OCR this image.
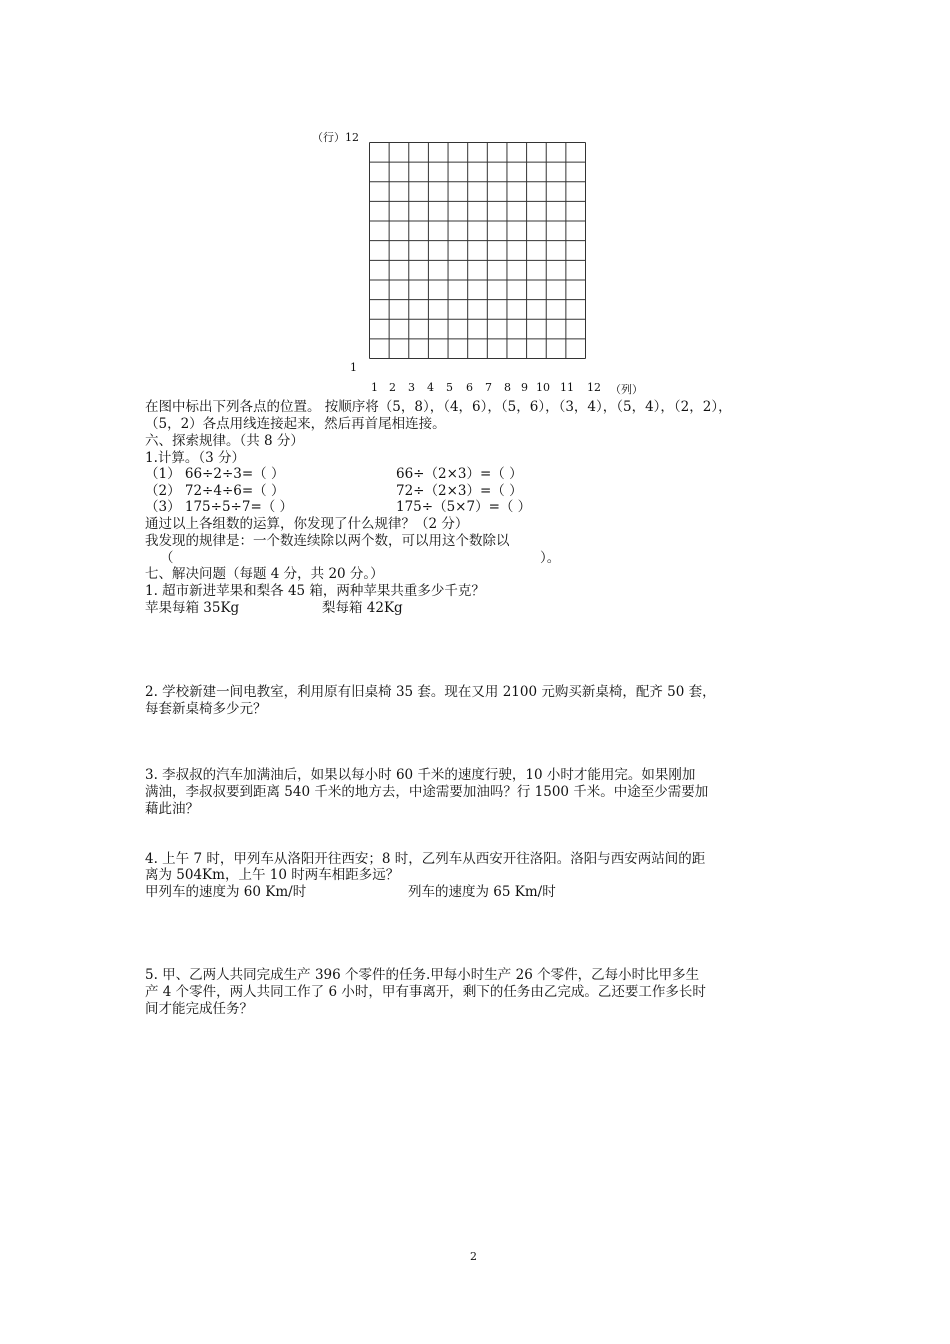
（行）12
1
1 2 3 4 5 6 7 8 9 10 11 12 （列）
在图中标出下列各点的位置。 按顺序将（5，8），（4，6），（5，6），（3，4），（5，4），（2，2），
（5，2）各点用线连接起来，然后再首尾相连接。
六、探索规律。（共 8 分）
1.计算。（3 分）
（1） 66÷2÷3=（ ）	66÷（2×3）=（ ）
（2） 72÷4÷6=（ ）	72÷（2×3）=（ ）
（3） 175÷5÷7=（ ）	175÷（5×7）=（ ）
通过以上各组数的运算，你发现了什么规律？（2 分）
我发现的规律是：一个数连续除以两个数，可以用这个数除以
（	）。
七、解决问题（每题 4 分，共 20 分。）
1. 超市新进苹果和梨各 45 箱，两种苹果共重多少千克？
苹果每箱 35Kg	梨每箱 42Kg
2. 学校新建一间电教室，利用原有旧桌椅 35 套。现在又用 2100 元购买新桌椅，配齐 50 套，
每套新桌椅多少元？
3. 李叔叔的汽车加满油后，如果以每小时 60 千米的速度行驶，10 小时才能用完。如果刚加
满油，李叔叔要到距离 540 千米的地方去，中途需要加油吗？行 1500 千米。中途至少需要加
藉此油？
4. 上午 7 时，甲列车从洛阳开往西安；8 时，乙列车从西安开往洛阳。洛阳与西安两站间的距
离为 504Km，上午 10 时两车相距多远？
甲列车的速度为 60 Km/时	列车的速度为 65 Km/时
5. 甲、乙两人共同完成生产 396 个零件的任务.甲每小时生产 26 个零件，乙每小时比甲多生
产 4 个零件，两人共同工作了 6 小时，甲有事离开，剩下的任务由乙完成。乙还要工作多长时
间才能完成任务？
2
